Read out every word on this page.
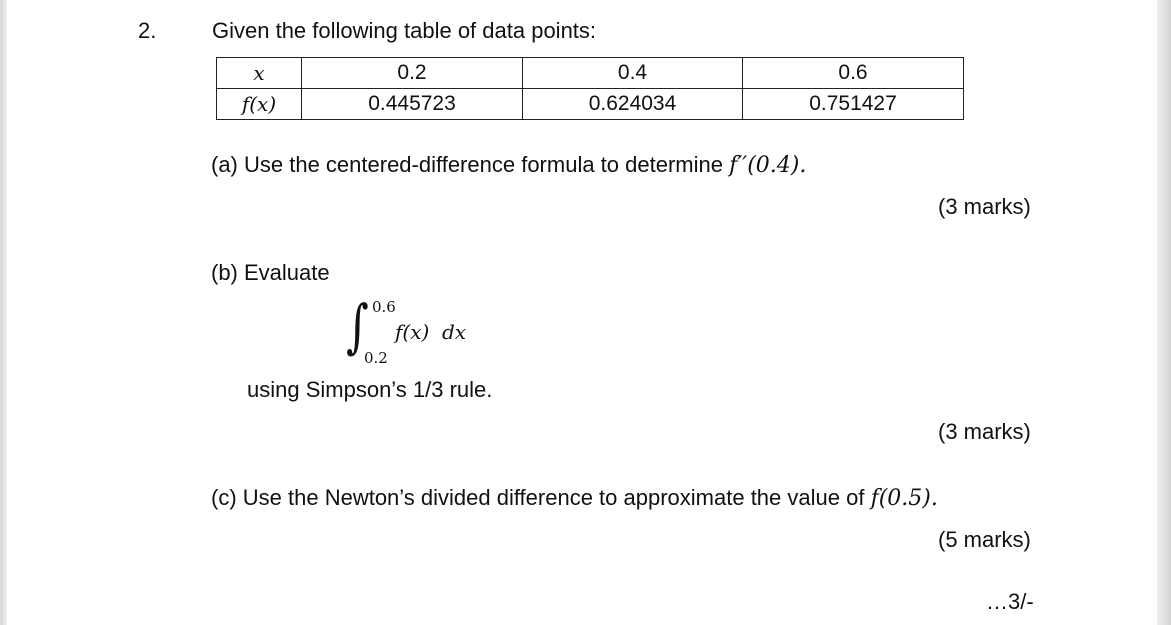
2.	Given the following table of data points:
x	0.2	0.4	0.6
f(x)	0.445723	0.624034	0.751427
(a) Use the centered-difference formula to determine f′′(0.4).
(3 marks)
(b) Evaluate
∫ 0.6
0.2
f(x)  dx
using Simpson’s 1/3 rule.
(3 marks)
(c) Use the Newton’s divided difference to approximate the value of f(0.5).
(5 marks)
…3/-
